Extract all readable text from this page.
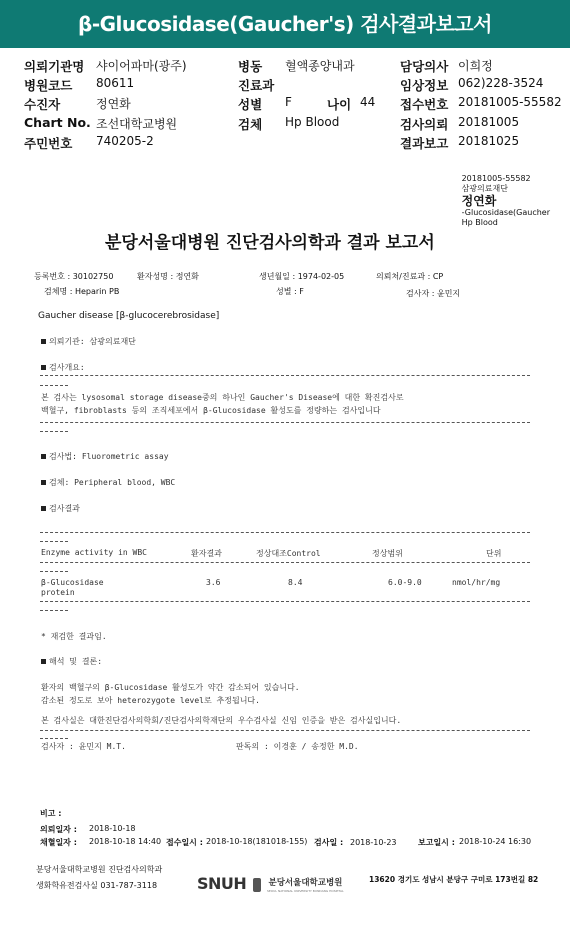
β-Glucosidase(Gaucher's) 검사결과보고서
의뢰기관명 샤이어파마(광주)
병원코드 80611
수진자	정연화
Chart No. 조선대학교병원
주민번호 740205-2
병동 혈액종양내과
진료과
성별 F	나이 44
검체 Hp Blood
담당의사 이희정
임상정보 062)228-3524
접수번호 20181005-55582
검사의뢰 20181005
결과보고 20181025
20181005-55582
삼광의료재단
정연화
-Glucosidase(Gaucher
Hp Blood
분당서울대병원 진단검사의학과 결과 보고서
등록번호 : 30102750	환자성명 : 정연화	생년월일 : 1974-02-05	의뢰처/진료과 : CP
검체명 : Heparin PB	성별 : F	검사자 : 윤민지
Gaucher disease [β-glucocerebrosidase]
의뢰기관: 삼광의료재단
검사개요:
본 검사는 lysosomal storage disease중의 하나인 Gaucher's Disease에 대한 확진검사로
백혈구, fibroblasts 등의 조직세포에서 β-Glucosidase 활성도를 정량하는 검사입니다
검사법: Fluorometric assay
검체: Peripheral blood, WBC
검사결과
Enzyme activity in WBC	환자결과	정상대조Control	정상범위	단위
β-Glucosidase
protein
3.6	8.4	6.0-9.0	nmol/hr/mg
* 재검한 결과임.
해석 및 결론:
환자의 백혈구의 β-Glucosidase 활성도가 약간 감소되어 있습니다.
감소된 정도로 보아 heterozygote level로 추정됩니다.
본 검사실은 대한진단검사의학회/진단검사의학재단의 우수검사실 신임 인증을 받은 검사실입니다.
검사자 : 윤민지 M.T.	판독의 : 이경훈 / 송정한 M.D.
비고 :
의뢰일자 : 2018-10-18
채혈일자 : 2018-10-18 14:40 접수일시 : 2018-10-18(181018-155) 검사일 : 2018-10-23	보고일시 : 2018-10-24 16:30
분당서울대학교병원 진단검사의학과
생화학유전검사실 031-787-3118 SNUH	$^{분당서울대학교병원}$
SEOUL NATIONAL UNIVERSITY BUNDANG HOSPITAL
13620 경기도 성남시 분당구 구미로 173번길 82
